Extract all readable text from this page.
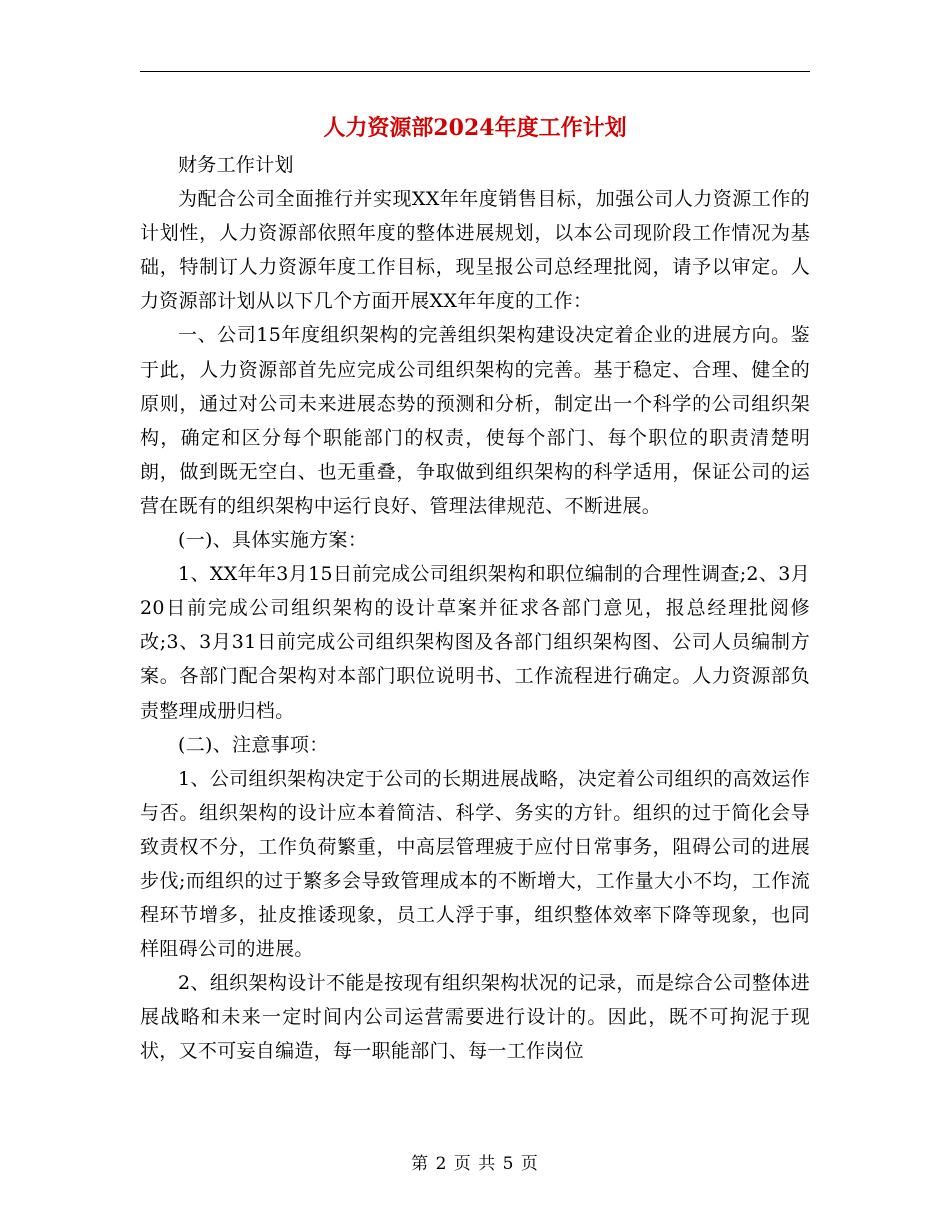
人力资源部2024年度工作计划

财务工作计划

为配合公司全面推行并实现XX年年度销售目标，加强公司人力资源工作的计划性，人力资源部依照年度的整体进展规划，以本公司现阶段工作情况为基础，特制订人力资源年度工作目标，现呈报公司总经理批阅，请予以审定。人力资源部计划从以下几个方面开展XX年年度的工作：

一、公司15年度组织架构的完善组织架构建设决定着企业的进展方向。鉴于此，人力资源部首先应完成公司组织架构的完善。基于稳定、合理、健全的原则，通过对公司未来进展态势的预测和分析，制定出一个科学的公司组织架构，确定和区分每个职能部门的权责，使每个部门、每个职位的职责清楚明朗，做到既无空白、也无重叠，争取做到组织架构的科学适用，保证公司的运营在既有的组织架构中运行良好、管理法律规范、不断进展。

(一)、具体实施方案：

1、XX年年3月15日前完成公司组织架构和职位编制的合理性调查;2、3月20日前完成公司组织架构的设计草案并征求各部门意见，报总经理批阅修改;3、3月31日前完成公司组织架构图及各部门组织架构图、公司人员编制方案。各部门配合架构对本部门职位说明书、工作流程进行确定。人力资源部负责整理成册归档。

(二)、注意事项：

1、公司组织架构决定于公司的长期进展战略，决定着公司组织的高效运作与否。组织架构的设计应本着简洁、科学、务实的方针。组织的过于简化会导致责权不分，工作负荷繁重，中高层管理疲于应付日常事务，阻碍公司的进展步伐;而组织的过于繁多会导致管理成本的不断增大，工作量大小不均，工作流程环节增多，扯皮推诿现象，员工人浮于事，组织整体效率下降等现象，也同样阻碍公司的进展。

2、组织架构设计不能是按现有组织架构状况的记录，而是综合公司整体进展战略和未来一定时间内公司运营需要进行设计的。因此，既不可拘泥于现状，又不可妄自编造，每一职能部门、每一工作岗位

第 2 页 共 5 页
